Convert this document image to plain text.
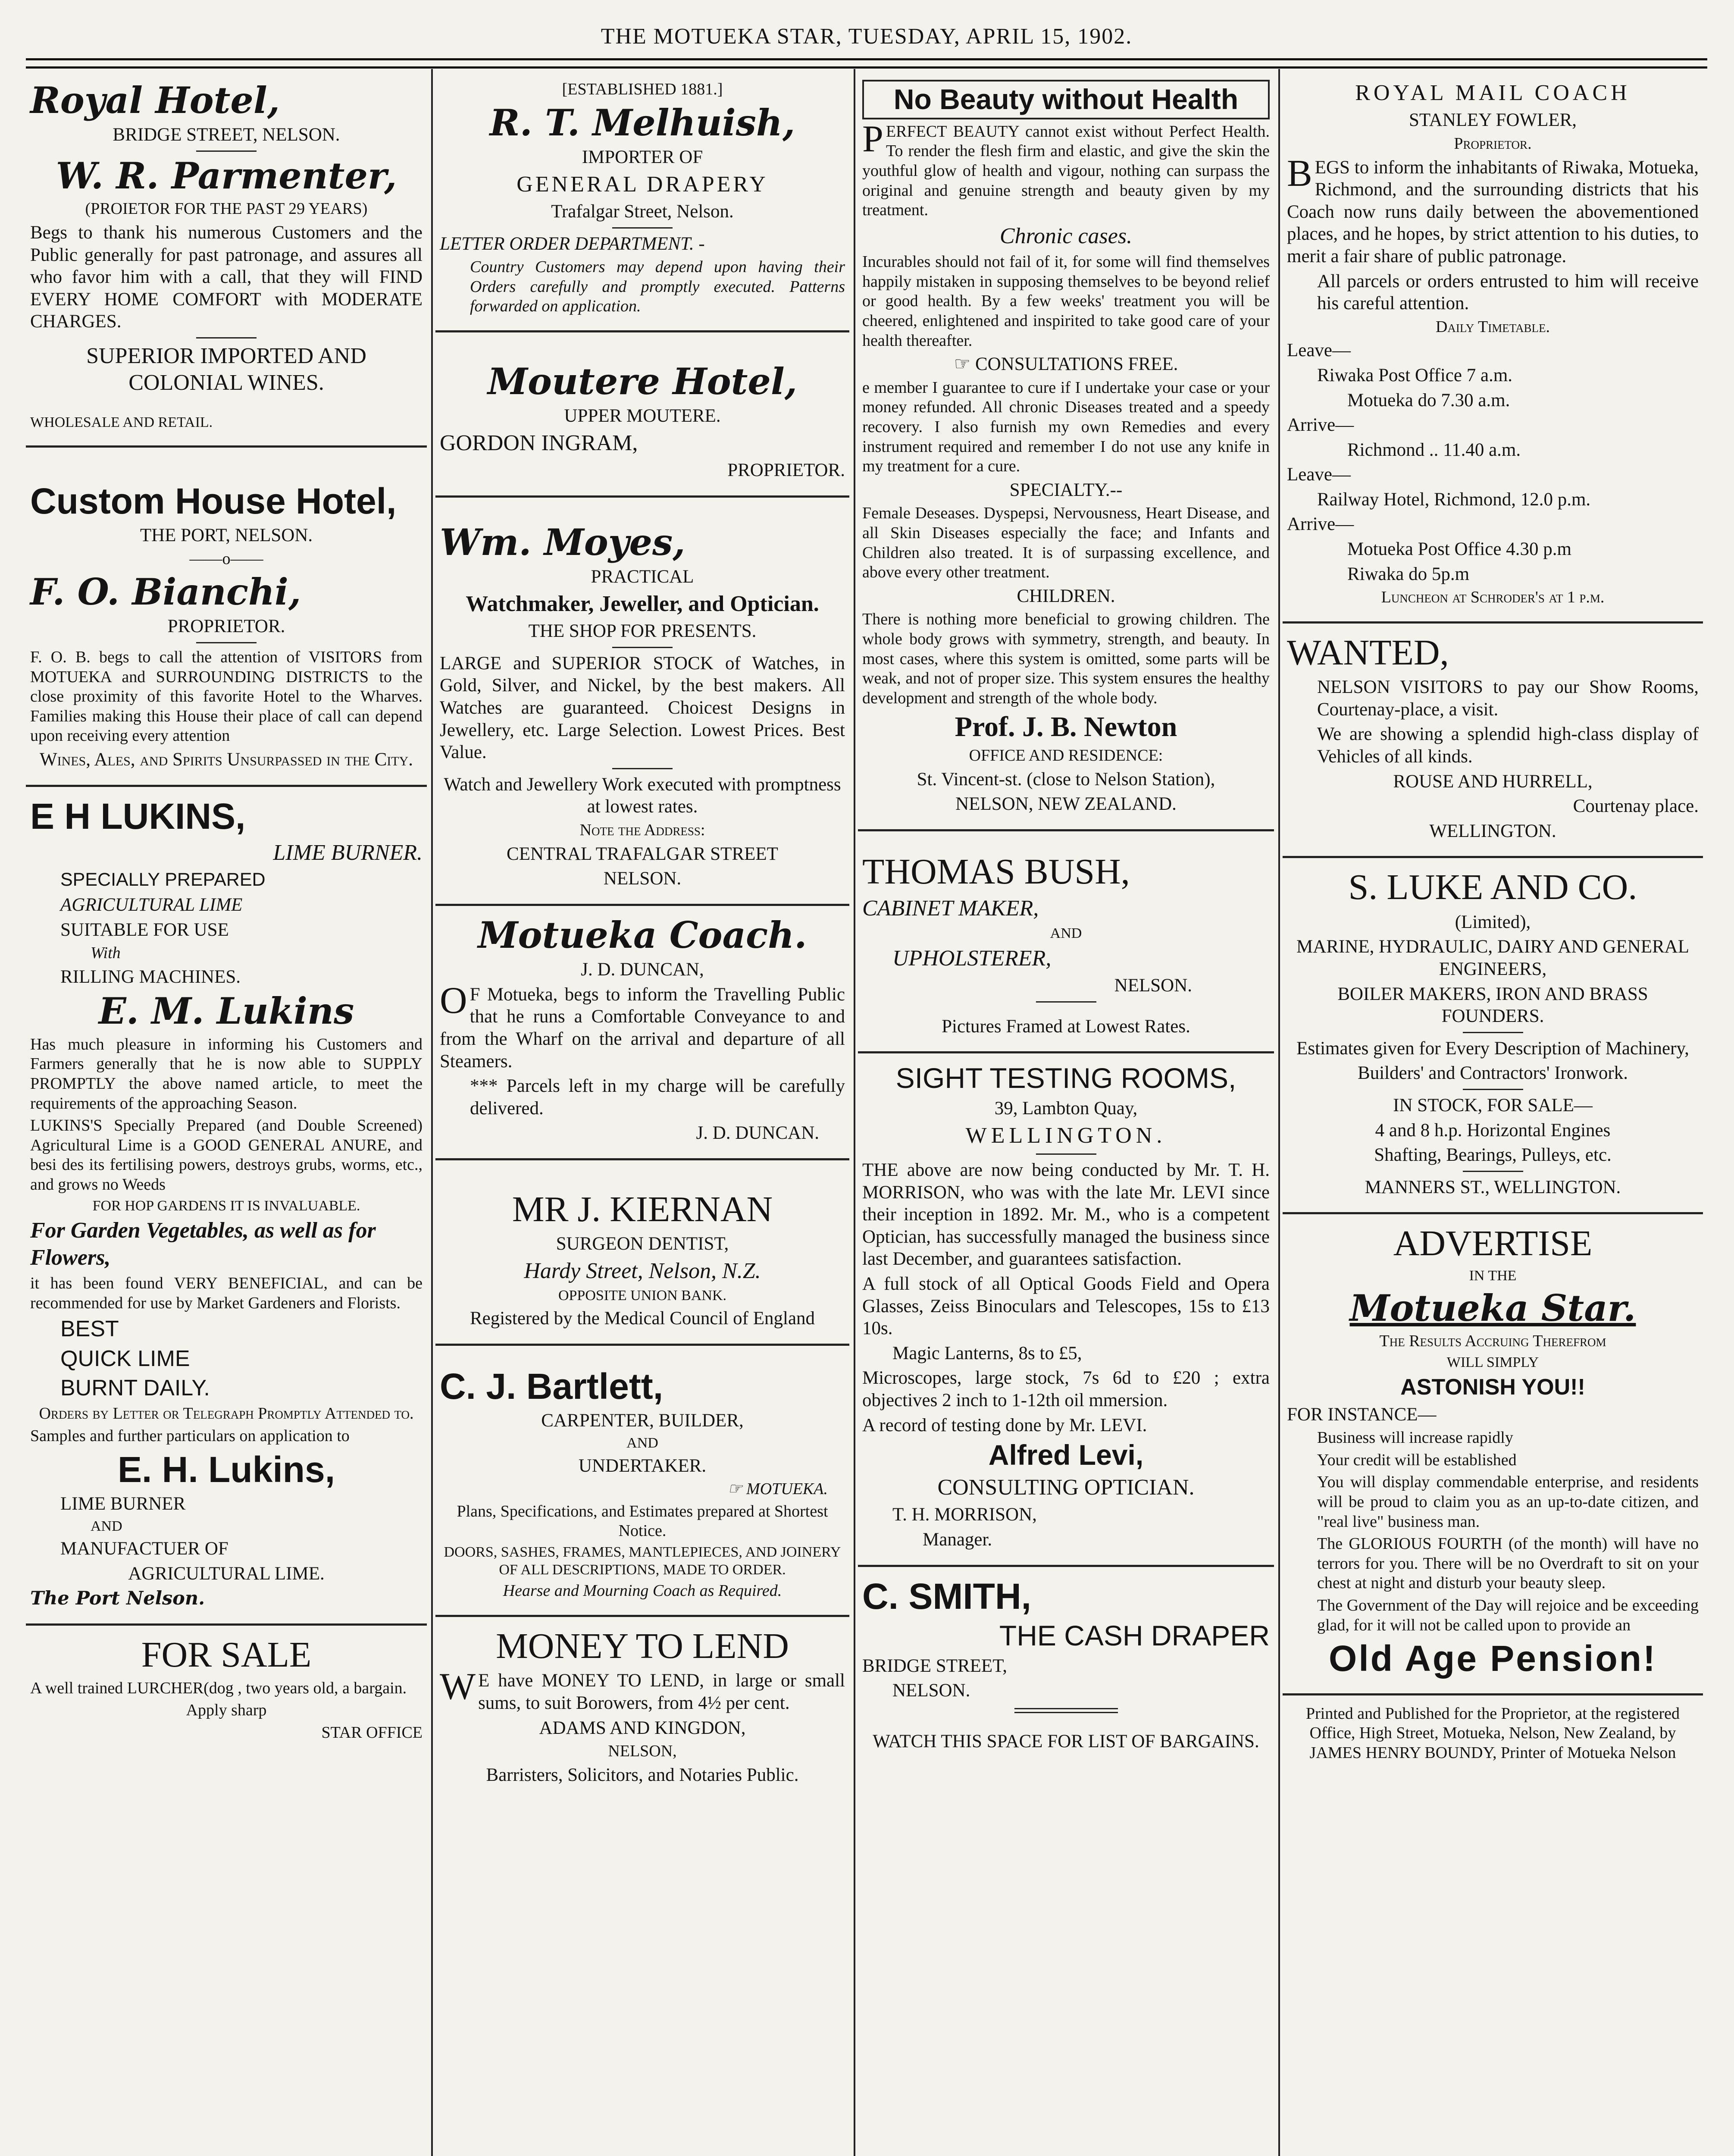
THE MOTUEKA STAR, TUESDAY, APRIL 15, 1902.

Royal Hotel,

BRIDGE STREET, NELSON.

W. R. Parmenter,

(PROIETOR FOR THE PAST 29 YEARS)

Begs to thank his numerous Customers and the Public generally for past patronage, and assures all who favor him with a call, that they will FIND EVERY HOME COMFORT with MODERATE CHARGES.

SUPERIOR IMPORTED AND COLONIAL WINES.

WHOLESALE AND RETAIL.

Custom House Hotel,

THE PORT, NELSON.

——o——

F. O. Bianchi,

PROPRIETOR.

F. O. B. begs to call the attention of VISITORS from MOTUEKA and SURROUNDING DISTRICTS to the close proximity of this favorite Hotel to the Wharves. Families making this House their place of call can depend upon receiving every attention

Wines, Ales, and Spirits Unsurpassed in the City.

E H LUKINS,

LIME BURNER.

SPECIALLY PREPARED

AGRICULTURAL LIME

SUITABLE FOR USE

With

RILLING MACHINES.

E. M. Lukins

Has much pleasure in informing his Customers and Farmers generally that he is now able to SUPPLY PROMPTLY the above named article, to meet the requirements of the approaching Season.

LUKINS'S Specially Prepared (and Double Screened) Agricultural Lime is a GOOD GENERAL ANURE, and besi des its fertilising powers, destroys grubs, worms, etc., and grows no Weeds

FOR HOP GARDENS IT IS INVALUABLE.

For Garden Vegetables, as well as for Flowers,

it has been found VERY BENEFICIAL, and can be recommended for use by Market Gardeners and Florists.

BEST

QUICK LIME

BURNT DAILY.

Orders by Letter or Telegraph Promptly Attended to.

Samples and further particulars on application to

E. H. Lukins,

LIME BURNER

AND

MANUFACTUER OF

AGRICULTURAL LIME.

The Port Nelson.

FOR SALE

A well trained LURCHER(dog , two years old, a bargain.

Apply sharp

STAR OFFICE

[ESTABLISHED 1881.]

R. T. Melhuish,

IMPORTER OF

GENERAL DRAPERY

Trafalgar Street, Nelson.

LETTER ORDER DEPARTMENT. -

Country Customers may depend upon having their Orders carefully and promptly executed. Patterns forwarded on application.

Moutere Hotel,

UPPER MOUTERE.

GORDON INGRAM,

PROPRIETOR.

Wm. Moyes,

PRACTICAL

Watchmaker, Jeweller, and Optician.

THE SHOP FOR PRESENTS.

LARGE and SUPERIOR STOCK of Watches, in Gold, Silver, and Nickel, by the best makers. All Watches are guaranteed. Choicest Designs in Jewellery, etc. Large Selection. Lowest Prices. Best Value.

Watch and Jewellery Work executed with promptness at lowest rates.

Note the Address:

CENTRAL TRAFALGAR STREET

NELSON.

Motueka Coach.

J. D. DUNCAN,

OF Motueka, begs to inform the Travelling Public that he runs a Comfortable Conveyance to and from the Wharf on the arrival and departure of all Steamers.

*** Parcels left in my charge will be carefully delivered.

J. D. DUNCAN.

MR J. KIERNAN

SURGEON DENTIST,

Hardy Street, Nelson, N.Z.

OPPOSITE UNION BANK.

Registered by the Medical Council of England

C. J. Bartlett,

CARPENTER, BUILDER,

AND

UNDERTAKER.

☞ MOTUEKA.

Plans, Specifications, and Estimates prepared at Shortest Notice.

DOORS, SASHES, FRAMES, MANTLEPIECES, AND JOINERY OF ALL DESCRIPTIONS, MADE TO ORDER.

Hearse and Mourning Coach as Required.

MONEY TO LEND

WE have MONEY TO LEND, in large or small sums, to suit Borowers, from 4½ per cent.

ADAMS AND KINGDON,

NELSON,

Barristers, Solicitors, and Notaries Public.

No Beauty without Health

PERFECT BEAUTY cannot exist without Perfect Health. To render the flesh firm and elastic, and give the skin the youthful glow of health and vigour, nothing can surpass the original and genuine strength and beauty given by my treatment.

Chronic cases.

Incurables should not fail of it, for some will find themselves happily mistaken in supposing themselves to be beyond relief or good health. By a few weeks' treatment you will be cheered, enlightened and inspirited to take good care of your health thereafter.

☞ CONSULTATIONS FREE.

e member I guarantee to cure if I undertake your case or your money refunded. All chronic Diseases treated and a speedy recovery. I also furnish my own Remedies and every instrument required and remember I do not use any knife in my treatment for a cure.

SPECIALTY.--

Female Deseases. Dyspepsi, Nervousness, Heart Disease, and all Skin Diseases especially the face; and Infants and Children also treated. It is of surpassing excellence, and above every other treatment.

CHILDREN.

There is nothing more beneficial to growing children. The whole body grows with symmetry, strength, and beauty. In most cases, where this system is omitted, some parts will be weak, and not of proper size. This system ensures the healthy development and strength of the whole body.

Prof. J. B. Newton

OFFICE AND RESIDENCE:

St. Vincent-st. (close to Nelson Station),

NELSON, NEW ZEALAND.

THOMAS BUSH,

CABINET MAKER,

AND

UPHOLSTERER,

NELSON.

Pictures Framed at Lowest Rates.

SIGHT TESTING ROOMS,

39, Lambton Quay,

WELLINGTON.

THE above are now being conducted by Mr. T. H. MORRISON, who was with the late Mr. LEVI since their inception in 1892. Mr. M., who is a competent Optician, has successfully managed the business since last December, and guarantees satisfaction.

A full stock of all Optical Goods Field and Opera Glasses, Zeiss Binoculars and Telescopes, 15s to £13 10s.

Magic Lanterns, 8s to £5,

Microscopes, large stock, 7s 6d to £20 ; extra objectives 2 inch to 1-12th oil mmersion.

A record of testing done by Mr. LEVI.

Alfred Levi,

CONSULTING OPTICIAN.

T. H. MORRISON,

Manager.

C. SMITH,

THE CASH DRAPER

BRIDGE STREET,

NELSON.

WATCH THIS SPACE FOR LIST OF BARGAINS.

ROYAL MAIL COACH

STANLEY FOWLER,

Proprietor.

BEGS to inform the inhabitants of Riwaka, Motueka, Richmond, and the surrounding districts that his Coach now runs daily between the abovementioned places, and he hopes, by strict attention to his duties, to merit a fair share of public patronage.

All parcels or orders entrusted to him will receive his careful attention.

Daily Timetable.

Leave—

Riwaka Post Office 7 a.m.

Motueka do 7.30 a.m.

Arrive—

Richmond .. 11.40 a.m.

Leave—

Railway Hotel, Richmond, 12.0 p.m.

Arrive—

Motueka Post Office 4.30 p.m

Riwaka do 5p.m

Luncheon at Schroder's at 1 p.m.

WANTED,

NELSON VISITORS to pay our Show Rooms, Courtenay-place, a visit.

We are showing a splendid high-class display of Vehicles of all kinds.

ROUSE AND HURRELL,

Courtenay place.

WELLINGTON.

S. LUKE AND CO.

(Limited),

MARINE, HYDRAULIC, DAIRY AND GENERAL ENGINEERS,

BOILER MAKERS, IRON AND BRASS FOUNDERS.

Estimates given for Every Description of Machinery,

Builders' and Contractors' Ironwork.

IN STOCK, FOR SALE—

4 and 8 h.p. Horizontal Engines

Shafting, Bearings, Pulleys, etc.

MANNERS ST., WELLINGTON.

ADVERTISE

IN THE

Motueka Star.

The Results Accruing Therefrom

WILL SIMPLY

ASTONISH YOU!!

FOR INSTANCE—

Business will increase rapidly

Your credit will be established

You will display commendable enterprise, and residents will be proud to claim you as an up-to-date citizen, and "real live" business man.

The GLORIOUS FOURTH (of the month) will have no terrors for you. There will be no Overdraft to sit on your chest at night and disturb your beauty sleep.

The Government of the Day will rejoice and be exceeding glad, for it will not be called upon to provide an

Old Age Pension!

Printed and Published for the Proprietor, at the registered Office, High Street, Motueka, Nelson, New Zealand, by JAMES HENRY BOUNDY, Printer of Motueka Nelson
